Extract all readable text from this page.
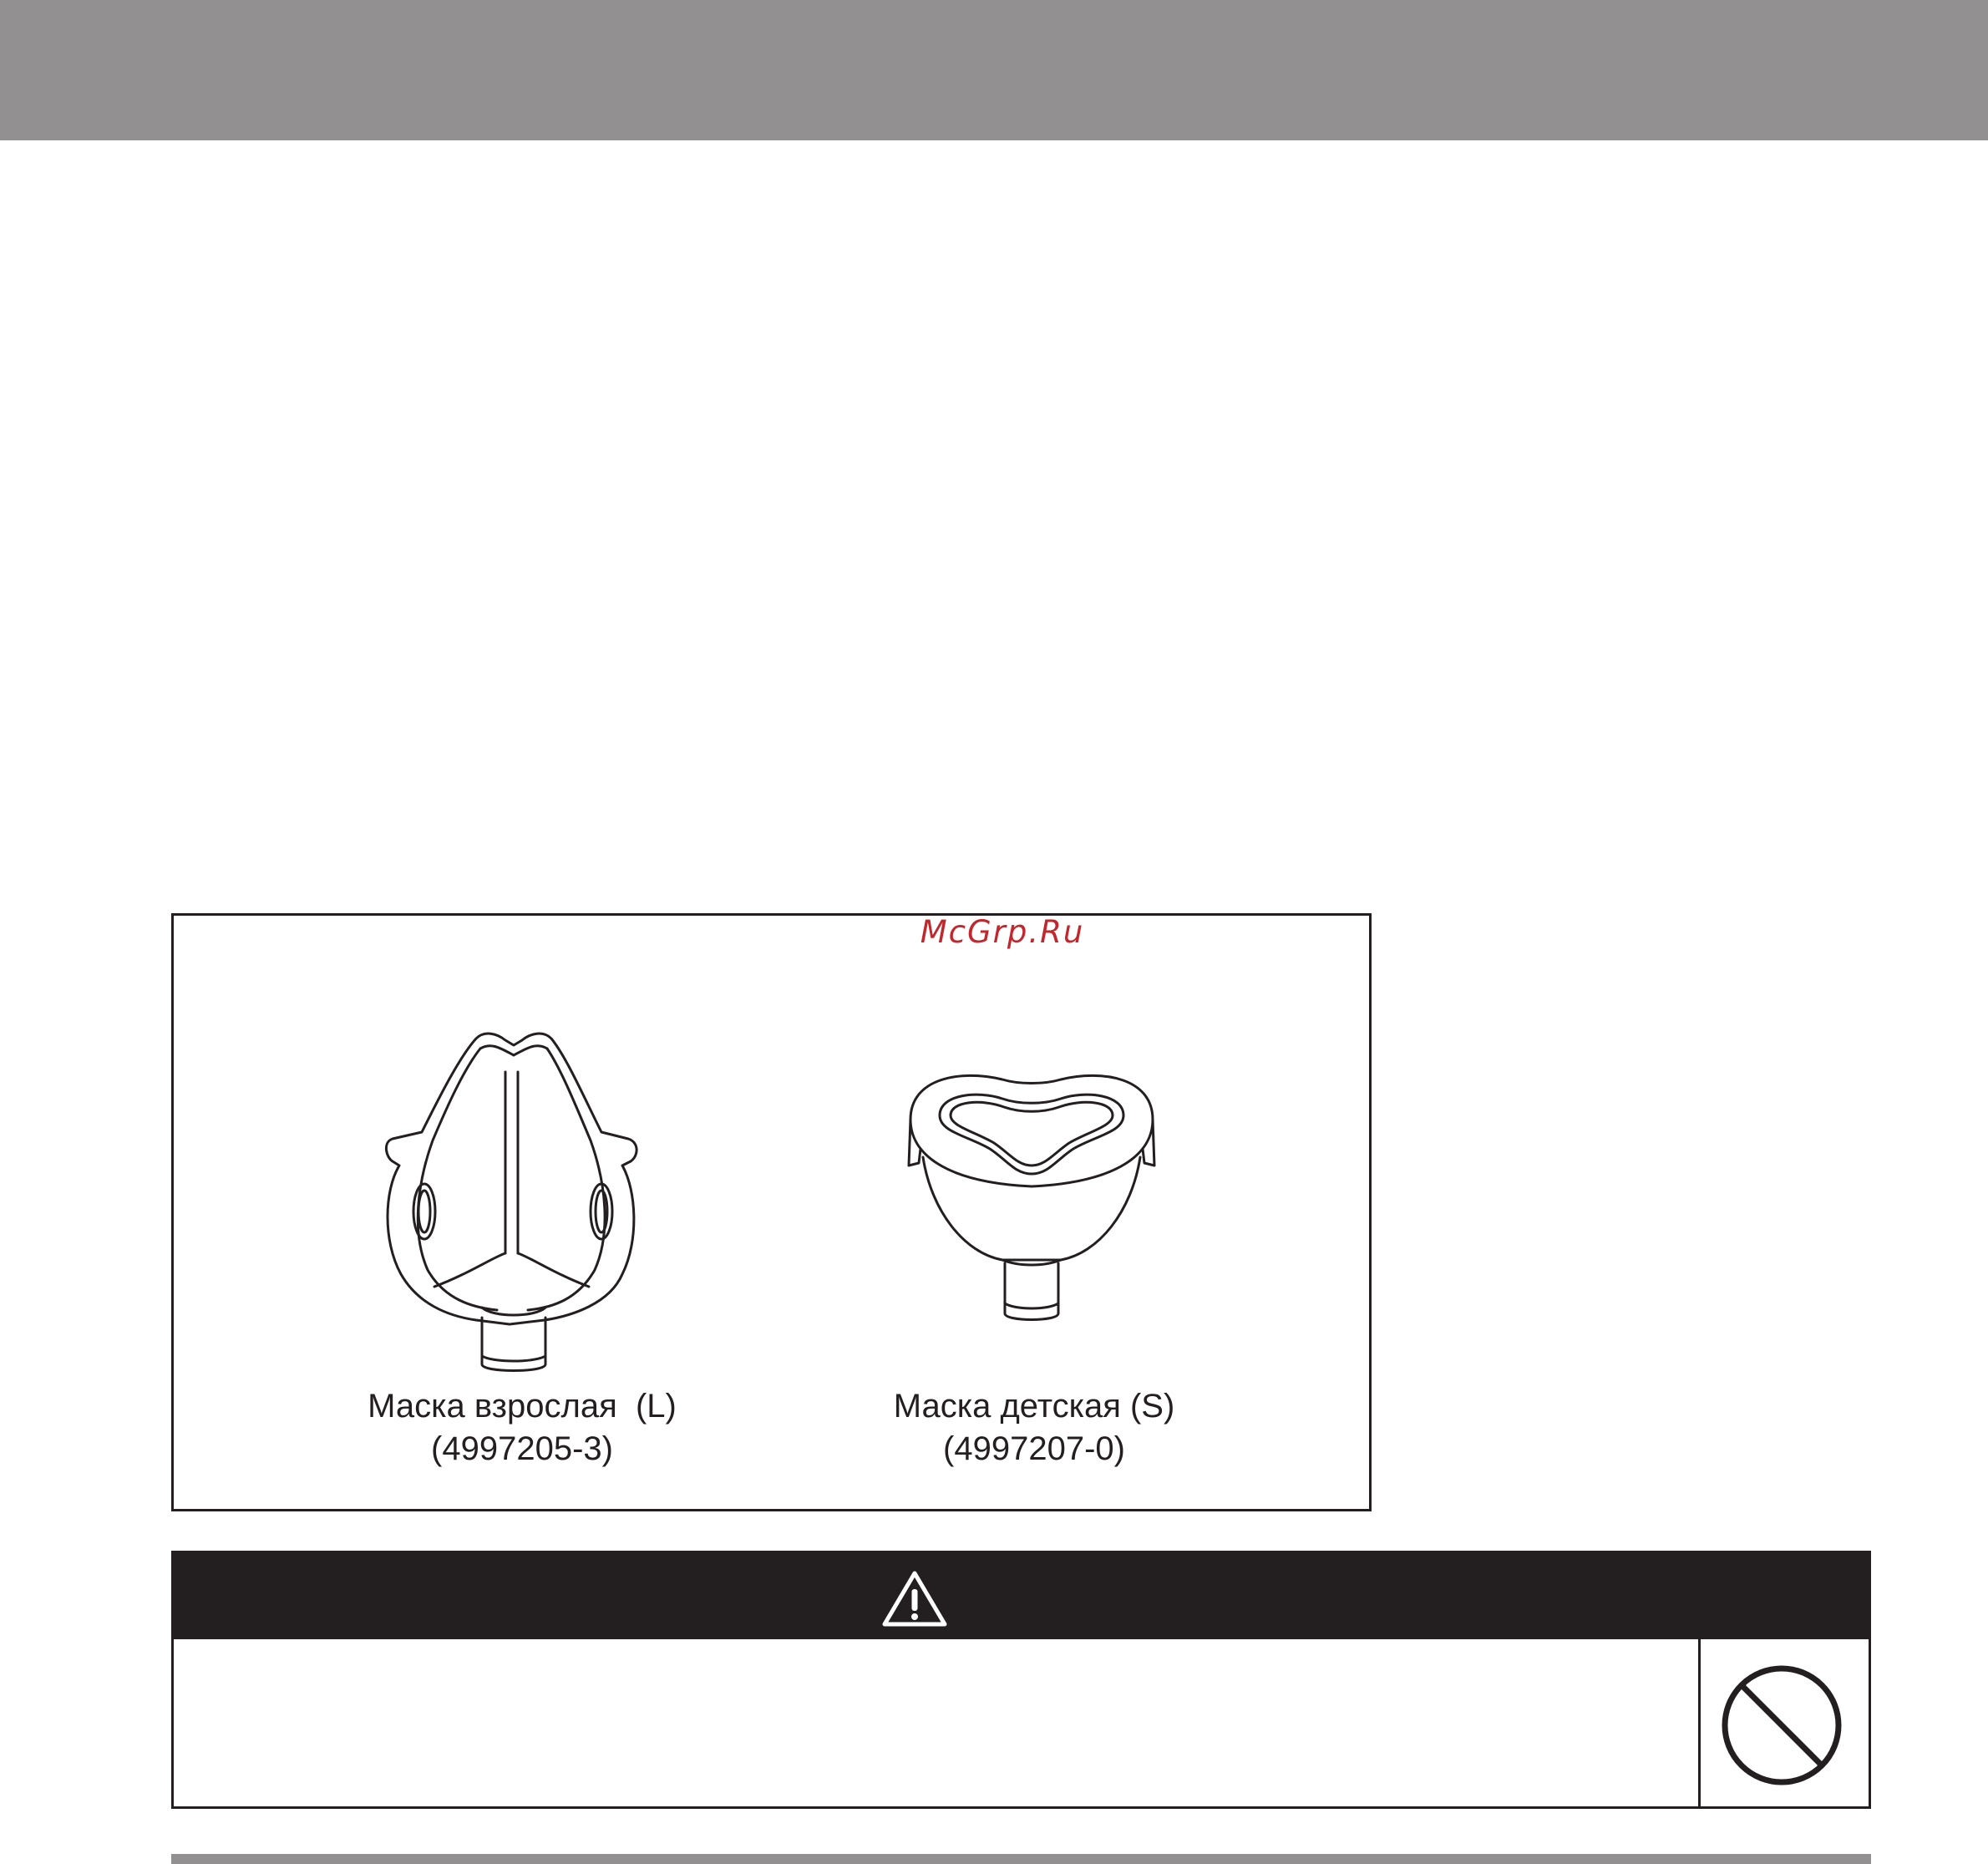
McGrp.Ru
Маска взрослая  (L)
(4997205-3)
Маска детская (S)
(4997207-0)
